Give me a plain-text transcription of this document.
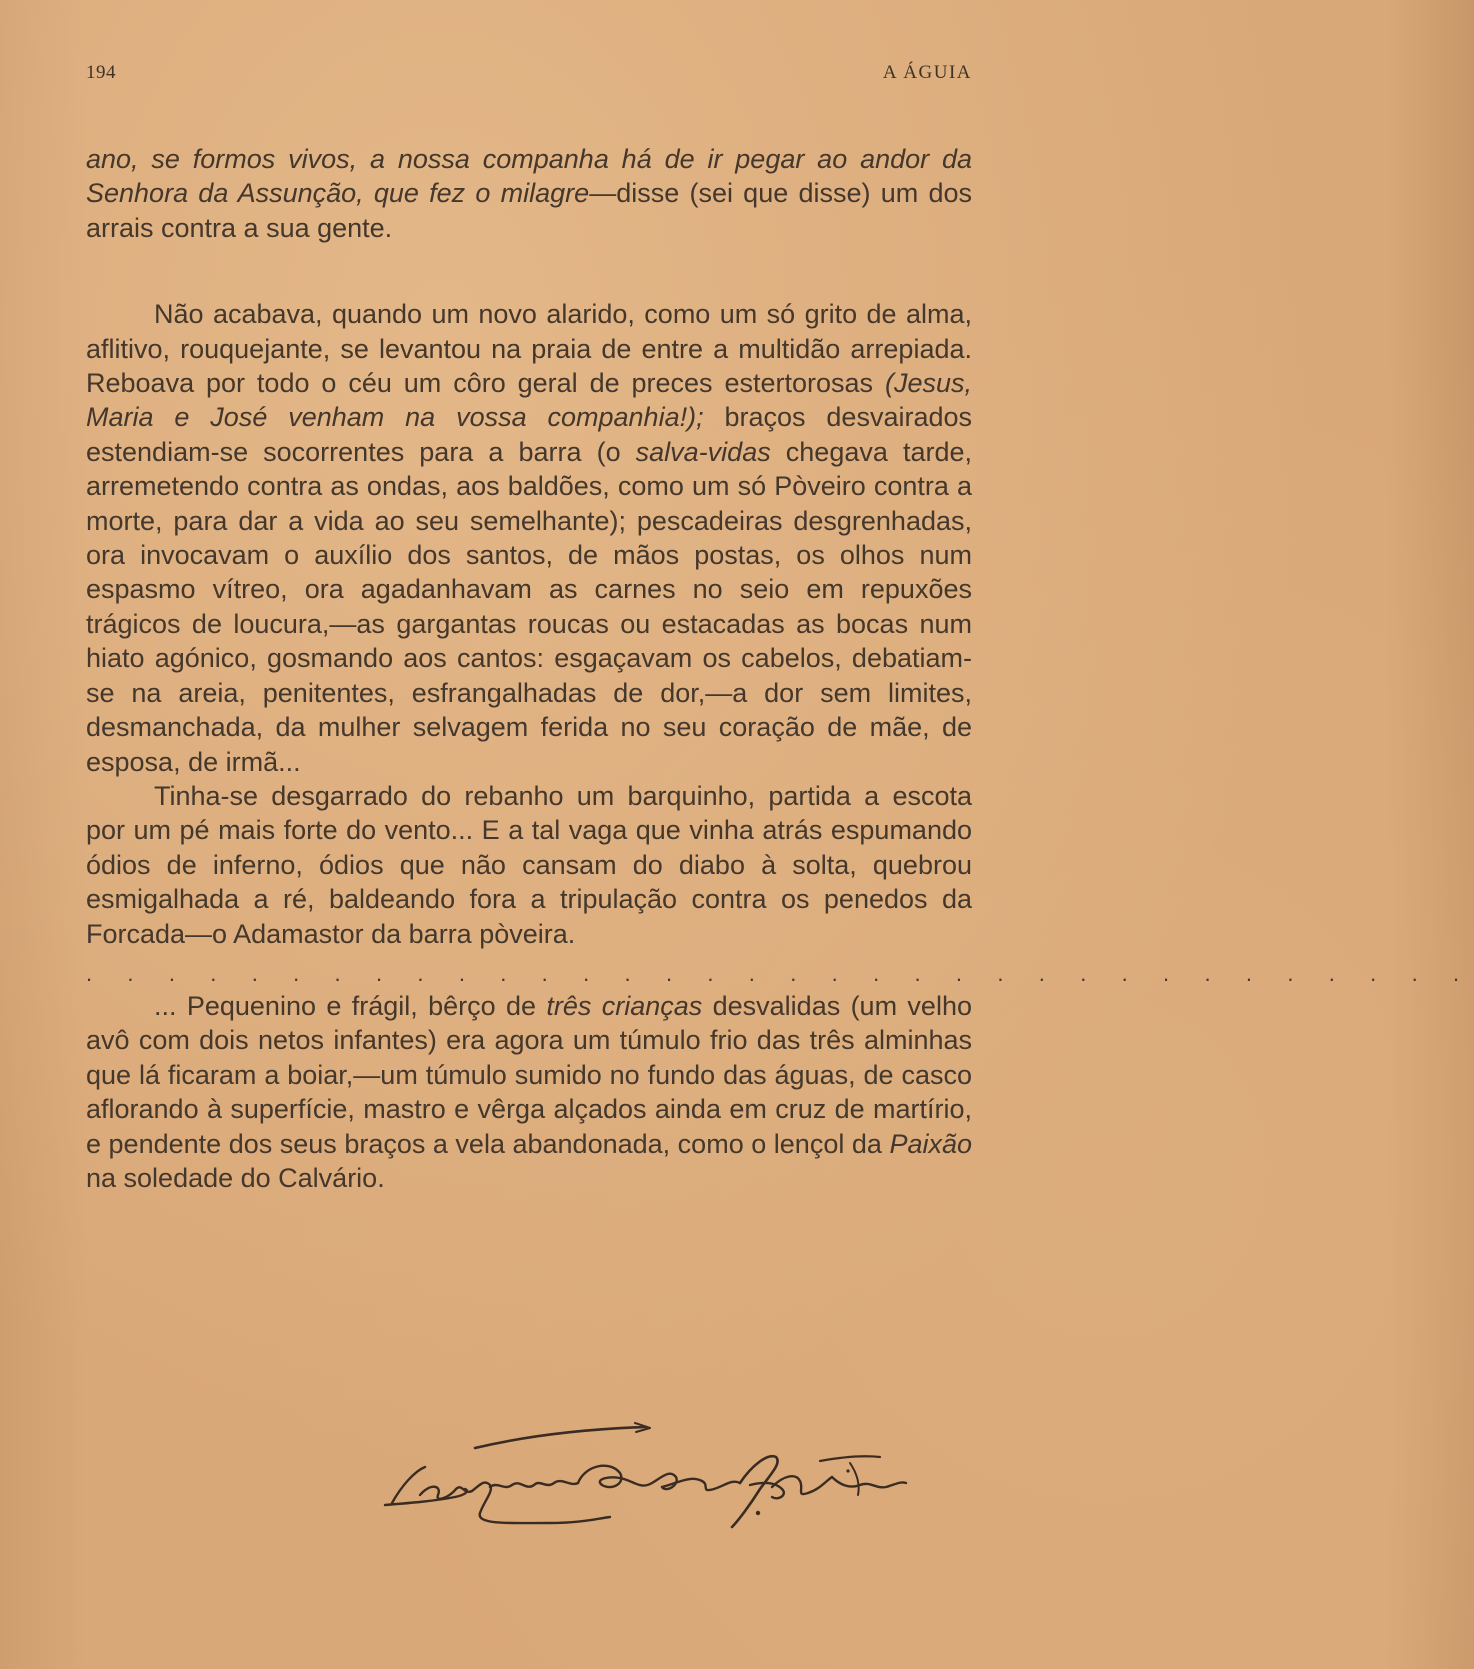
194	A ÁGUIA

ano, se formos vivos, a nossa companha há de ir pegar ao andor da Senhora da Assunção, que fez o milagre—disse (sei que disse) um dos arrais contra a sua gente.

Não acabava, quando um novo alarido, como um só grito de alma, aflitivo, rouquejante, se levantou na praia de entre a multidão arrepiada. Reboava por todo o céu um côro geral de preces estertorosas (Jesus, Maria e José venham na vossa companhia!); braços desvairados estendiam-se socorrentes para a barra (o salva-vidas chegava tarde, arremetendo contra as ondas, aos baldões, como um só Pòveiro contra a morte, para dar a vida ao seu semelhante); pescadeiras desgrenhadas, ora invocavam o auxílio dos santos, de mãos postas, os olhos num espasmo vítreo, ora agadanhavam as carnes no seio em repuxões trágicos de loucura,—as gargantas roucas ou estacadas as bocas num hiato agónico, gosmando aos cantos: esgaçavam os cabelos, debatiam-se na areia, penitentes, esfrangalhadas de dor,—a dor sem limites, desmanchada, da mulher selvagem ferida no seu coração de mãe, de esposa, de irmã...

Tinha-se desgarrado do rebanho um barquinho, partida a escota por um pé mais forte do vento... E a tal vaga que vinha atrás espumando ódios de inferno, ódios que não cansam do diabo à solta, quebrou esmigalhada a ré, baldeando fora a tripulação contra os penedos da Forcada—o Adamastor da barra pòveira.

. . . . . . . . . . . . . . . . . . . . . . . . . . . . . . . . . .

... Pequenino e frágil, bêrço de três crianças desvalidas (um velho avô com dois netos infantes) era agora um túmulo frio das três alminhas que lá ficaram a boiar,—um túmulo sumido no fundo das águas, de casco aflorando à superfície, mastro e vêrga alçados ainda em cruz de martírio, e pendente dos seus braços a vela abandonada, como o lençol da Paixão na soledade do Calvário.
